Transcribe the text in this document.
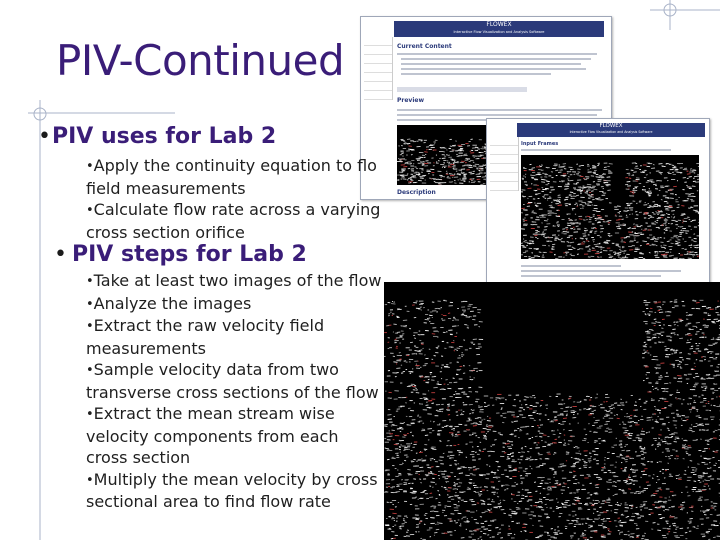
PIV-Continued
FLOWEX
Interactive Flow Visualization and Analysis Software
Current Content
Preview
Description
FLOWEX
Interactive Flow Visualization and Analysis Software
Input Frames
• PIV uses for Lab 2
•Apply the continuity equation to flo
field measurements
•Calculate flow rate across a varying
cross section orifice
• PIV steps for Lab 2
•Take at least two images of the flow
•Analyze the images
•Extract the raw velocity field
measurements
•Sample velocity data from two
transverse cross sections of the flow
•Extract the mean stream wise
velocity components from each
cross section
•Multiply the mean velocity by cross
sectional area to find flow rate
